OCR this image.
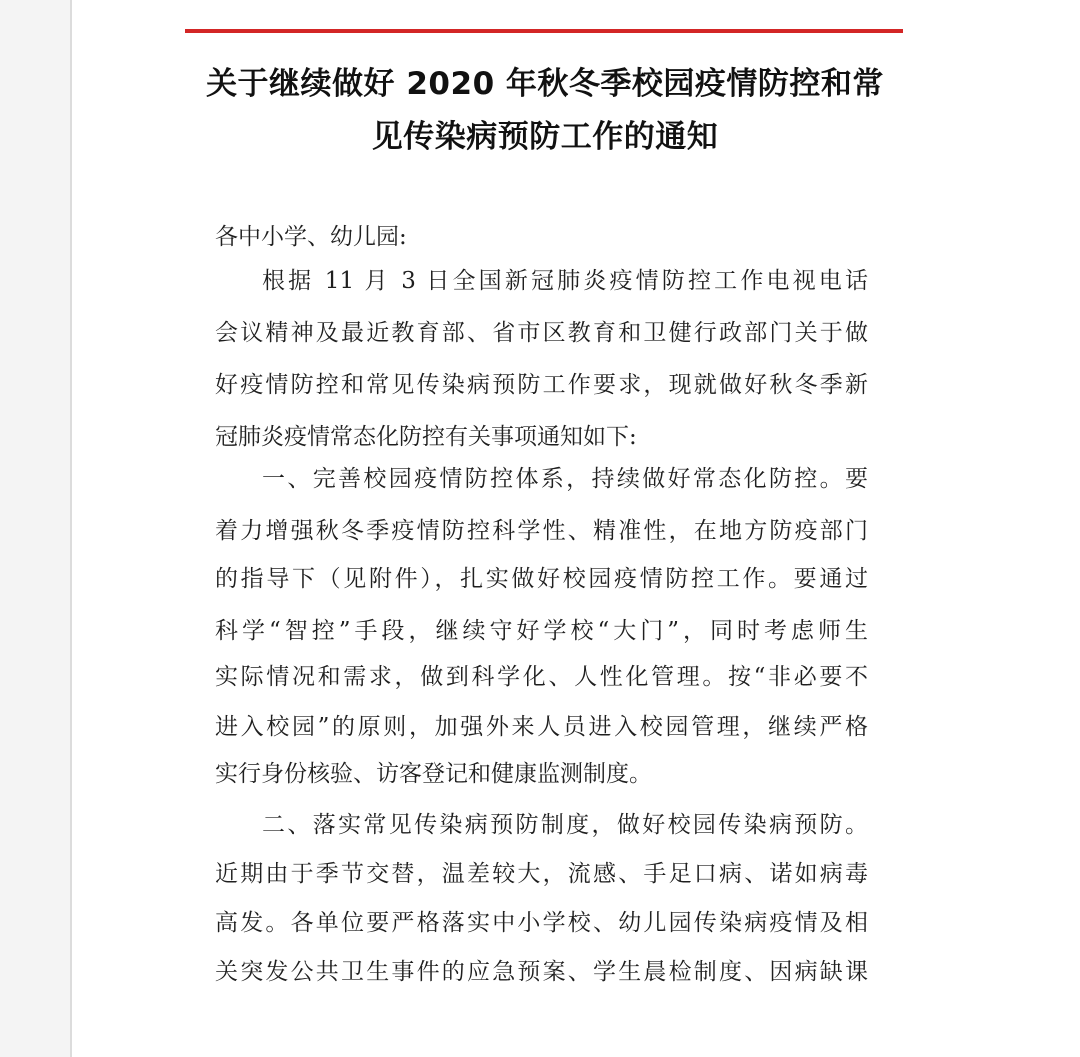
关于继续做好 2020 年秋冬季校园疫情防控和常
见传染病预防工作的通知

各中小学、幼儿园:

根据 11 月 3 日全国新冠肺炎疫情防控工作电视电话

会议精神及最近教育部、省市区教育和卫健行政部门关于做

好疫情防控和常见传染病预防工作要求，现就做好秋冬季新

冠肺炎疫情常态化防控有关事项通知如下:

一、完善校园疫情防控体系，持续做好常态化防控。要

着力增强秋冬季疫情防控科学性、精准性，在地方防疫部门

的指导下（见附件），扎实做好校园疫情防控工作。要通过

科学“智控”手段，继续守好学校“大门”，同时考虑师生

实际情况和需求，做到科学化、人性化管理。按“非必要不

进入校园”的原则，加强外来人员进入校园管理，继续严格

实行身份核验、访客登记和健康监测制度。

二、落实常见传染病预防制度，做好校园传染病预防。

近期由于季节交替，温差较大，流感、手足口病、诺如病毒

高发。各单位要严格落实中小学校、幼儿园传染病疫情及相

关突发公共卫生事件的应急预案、学生晨检制度、因病缺课
